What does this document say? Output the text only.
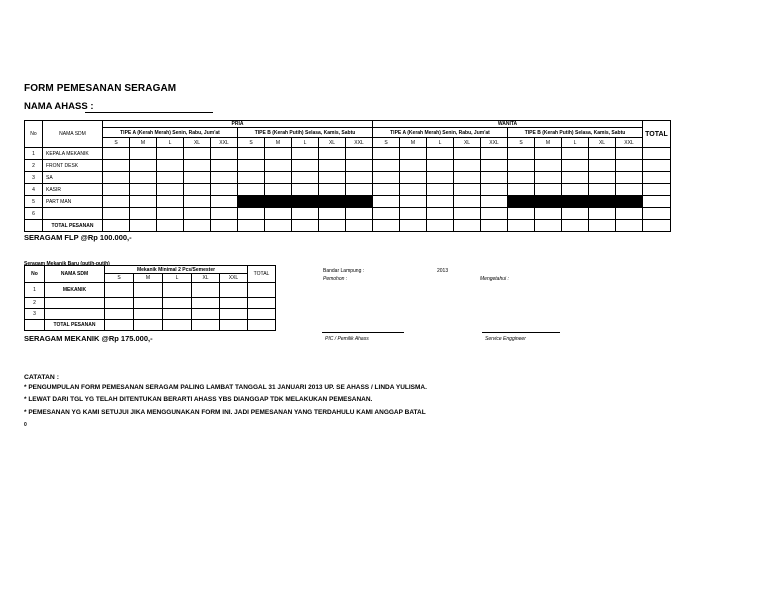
FORM PEMESANAN SERAGAM
NAMA AHASS :
No	NAMA SDM	PRIA										WANITA										TOTAL
		TIPE A (Kerah Merah) Senin, Rabu, Jum'at					TIPE B (Kerah Putih) Selasa, Kamis, Sabtu					TIPE A (Kerah Merah) Senin, Rabu, Jum'at					TIPE B (Kerah Putih) Selasa, Kamis, Sabtu					
		S	M	L	XL	XXL	S	M	L	XL	XXL	S	M	L	XL	XXL	S	M	L	XL	XXL	
1	KEPALA MEKANIK																					
2	FRONT DESK																					
3	SA																					
4	KASIR																					
5	PART MAN																					
6																						
	TOTAL PESANAN																					
SERAGAM FLP @Rp 100.000,-
Seragam Mekanik Baru (putih-putih)
No	NAMA SDM	Mekanik Minimal 2 Pcs/Semester					TOTAL
		S	M	L	XL	XXL	
1	MEKANIK						
2							
3							
	TOTAL PESANAN						
SERAGAM MEKANIK @Rp 175.000,-
Bandar Lampung :	2013
Pemohon :	Mengetahui :
PIC / Pemilik Ahass	Service Enggineer
CATATAN :
* PENGUMPULAN FORM PEMESANAN SERAGAM PALING LAMBAT TANGGAL 31 JANUARI 2013 UP. SE AHASS / LINDA YULISMA.
* LEWAT DARI TGL YG TELAH DITENTUKAN BERARTI AHASS YBS DIANGGAP TDK MELAKUKAN PEMESANAN.
* PEMESANAN YG KAMI SETUJUI JIKA MENGGUNAKAN FORM INI. JADI PEMESANAN YANG TERDAHULU KAMI ANGGAP BATAL
0
